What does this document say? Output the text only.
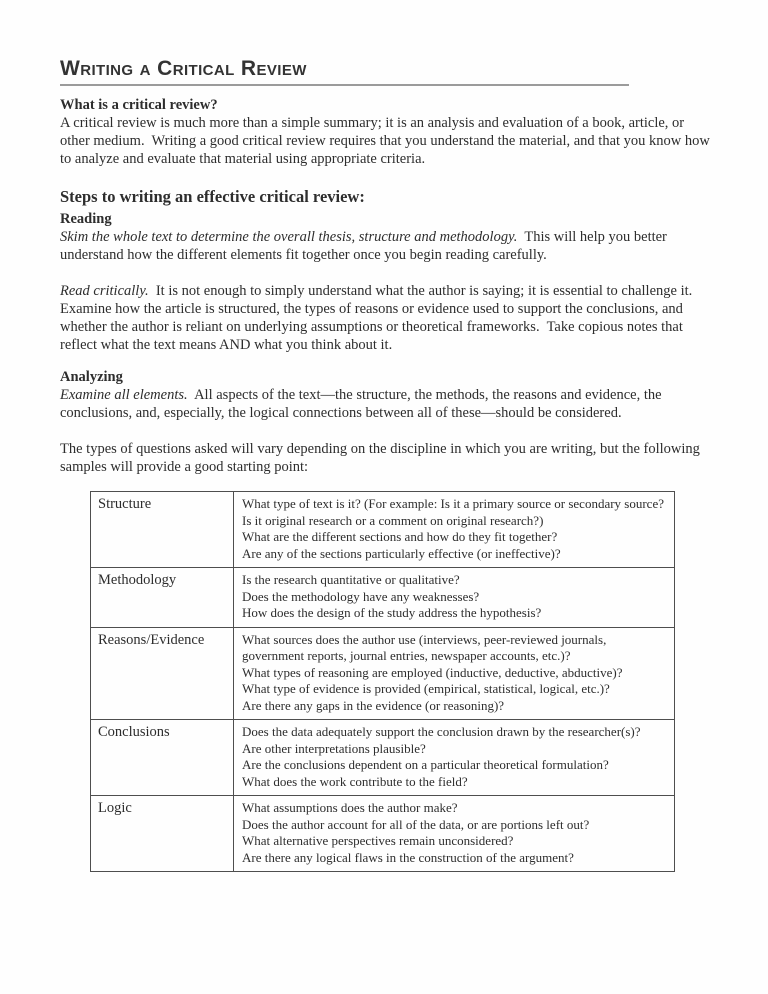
Writing a Critical Review

What is a critical review?

A critical review is much more than a simple summary; it is an analysis and evaluation of a book, article, or other medium.  Writing a good critical review requires that you understand the material, and that you know how to analyze and evaluate that material using appropriate criteria.

Steps to writing an effective critical review:

Reading

Skim the whole text to determine the overall thesis, structure and methodology.  This will help you better understand how the different elements fit together once you begin reading carefully.

Read critically.  It is not enough to simply understand what the author is saying; it is essential to challenge it. Examine how the article is structured, the types of reasons or evidence used to support the conclusions, and whether the author is reliant on underlying assumptions or theoretical frameworks.  Take copious notes that reflect what the text means AND what you think about it.

Analyzing

Examine all elements.  All aspects of the text—the structure, the methods, the reasons and evidence, the conclusions, and, especially, the logical connections between all of these—should be considered.

The types of questions asked will vary depending on the discipline in which you are writing, but the following samples will provide a good starting point:

Structure	What type of text is it? (For example: Is it a primary source or secondary source?  Is it original research or a comment on original research?)
What are the different sections and how do they fit together?
Are any of the sections particularly effective (or ineffective)?

Methodology	Is the research quantitative or qualitative?
Does the methodology have any weaknesses?
How does the design of the study address the hypothesis?

Reasons/Evidence	What sources does the author use (interviews, peer-reviewed journals, government reports, journal entries, newspaper accounts, etc.)?
What types of reasoning are employed (inductive, deductive, abductive)?
What type of evidence is provided (empirical, statistical, logical, etc.)?
Are there any gaps in the evidence (or reasoning)?

Conclusions	Does the data adequately support the conclusion drawn by the researcher(s)?
Are other interpretations plausible?
Are the conclusions dependent on a particular theoretical formulation?
What does the work contribute to the field?

Logic	What assumptions does the author make?
Does the author account for all of the data, or are portions left out?
What alternative perspectives remain unconsidered?
Are there any logical flaws in the construction of the argument?
